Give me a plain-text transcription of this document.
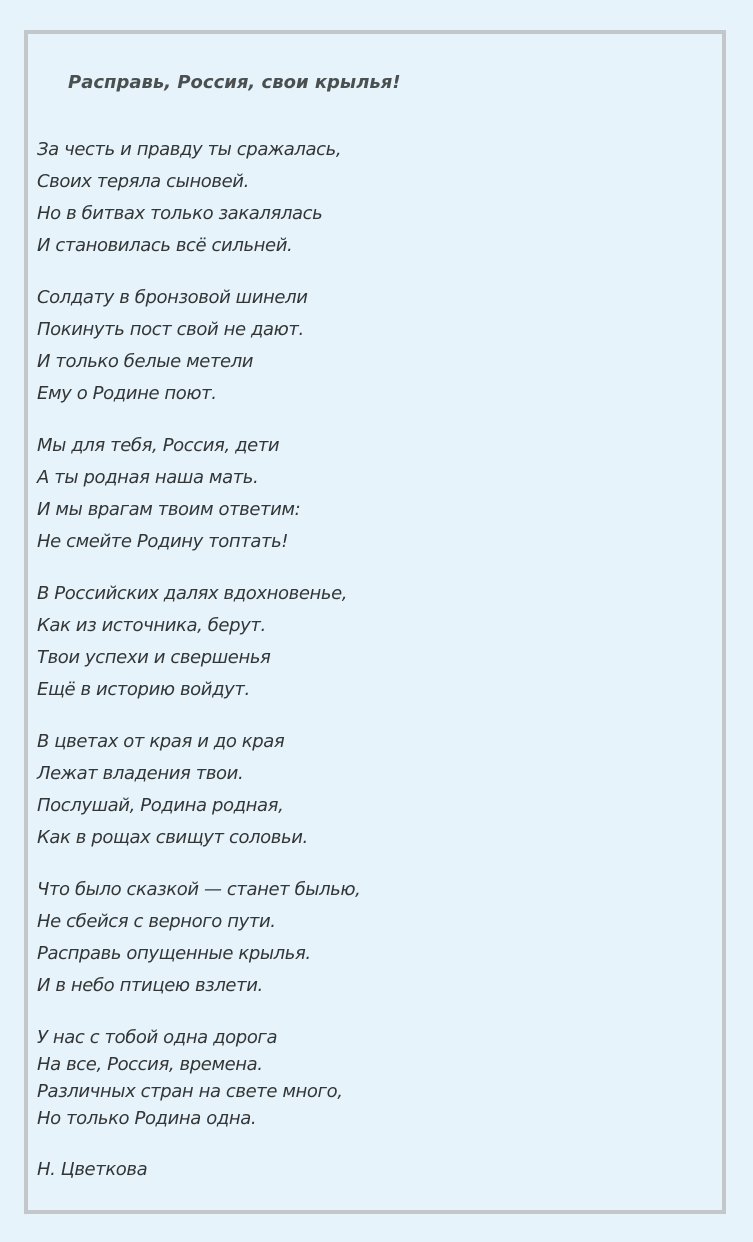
Расправь, Россия, свои крылья!
За честь и правду ты сражалась,
Своих теряла сыновей.
Но в битвах только закалялась
И становилась всё сильней.
Солдату в бронзовой шинели
Покинуть пост свой не дают.
И только белые метели
Ему о Родине поют.
Мы для тебя, Россия, дети
А ты родная наша мать.
И мы врагам твоим ответим:
Не смейте Родину топтать!
В Российских далях вдохновенье,
Как из источника, берут.
Твои успехи и свершенья
Ещё в историю войдут.
В цветах от края и до края
Лежат владения твои.
Послушай, Родина родная,
Как в рощах свищут соловьи.
Что было сказкой — станет былью,
Не сбейся с верного пути.
Расправь опущенные крылья.
И в небо птицею взлети.
У нас с тобой одна дорога
На все, Россия, времена.
Различных стран на свете много,
Но только Родина одна.
Н. Цветкова
